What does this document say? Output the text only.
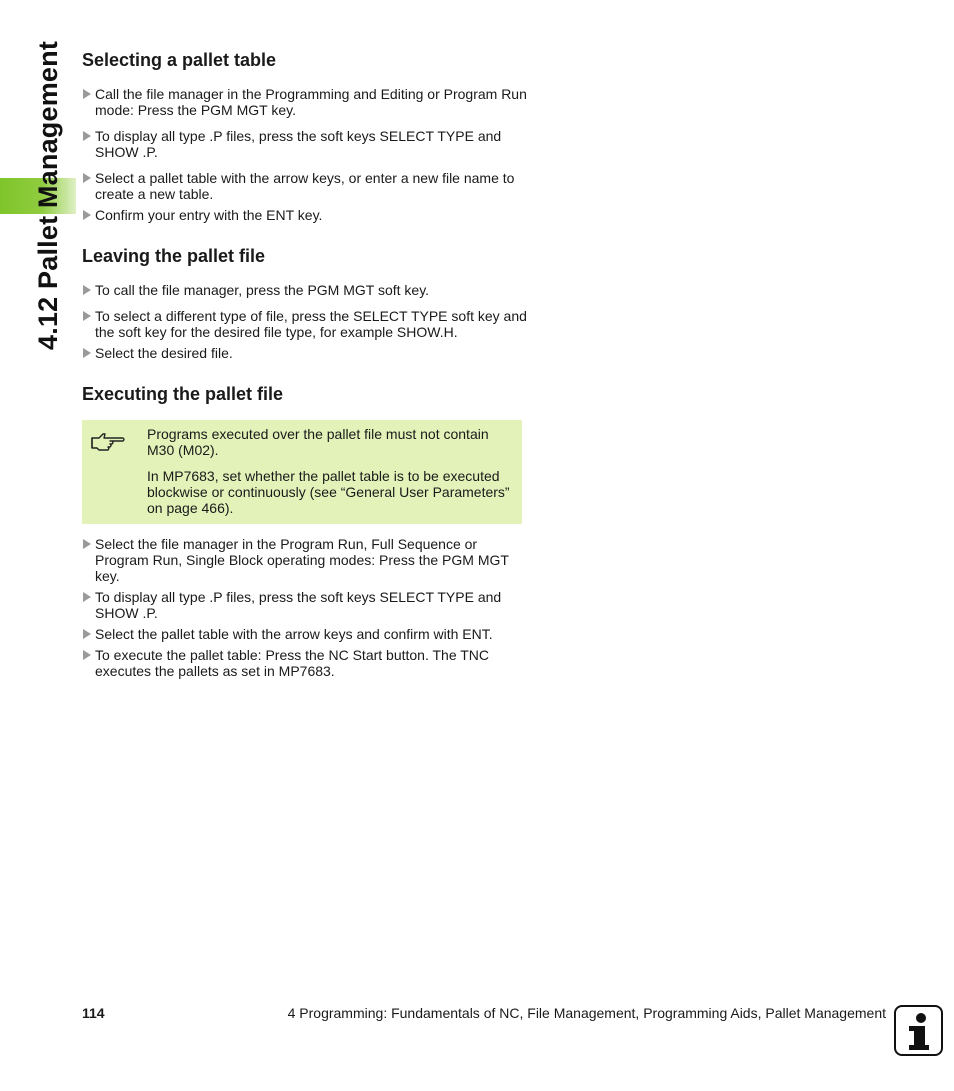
4.12 Pallet Management Selecting a pallet table
Call the file manager in the Programming and Editing or Program Run mode: Press the PGM MGT key.
To display all type .P files, press the soft keys SELECT TYPE and SHOW .P.
Select a pallet table with the arrow keys, or enter a new file name to create a new table.
Confirm your entry with the ENT key.
Leaving the pallet file
To call the file manager, press the PGM MGT soft key.
To select a different type of file, press the SELECT TYPE soft key and the soft key for the desired file type, for example SHOW.H.
Select the desired file.
Executing the pallet file

Programs executed over the pallet file must not contain M30 (M02).

In MP7683, set whether the pallet table is to be executed blockwise or continuously (see “General User Parameters” on page 466).

Select the file manager in the Program Run, Full Sequence or Program Run, Single Block operating modes: Press the PGM MGT key.
To display all type .P files, press the soft keys SELECT TYPE and SHOW .P.
Select the pallet table with the arrow keys and confirm with ENT.
To execute the pallet table: Press the NC Start button. The TNC executes the pallets as set in MP7683.
114	4 Programming: Fundamentals of NC, File Management, Programming Aids, Pallet Management
